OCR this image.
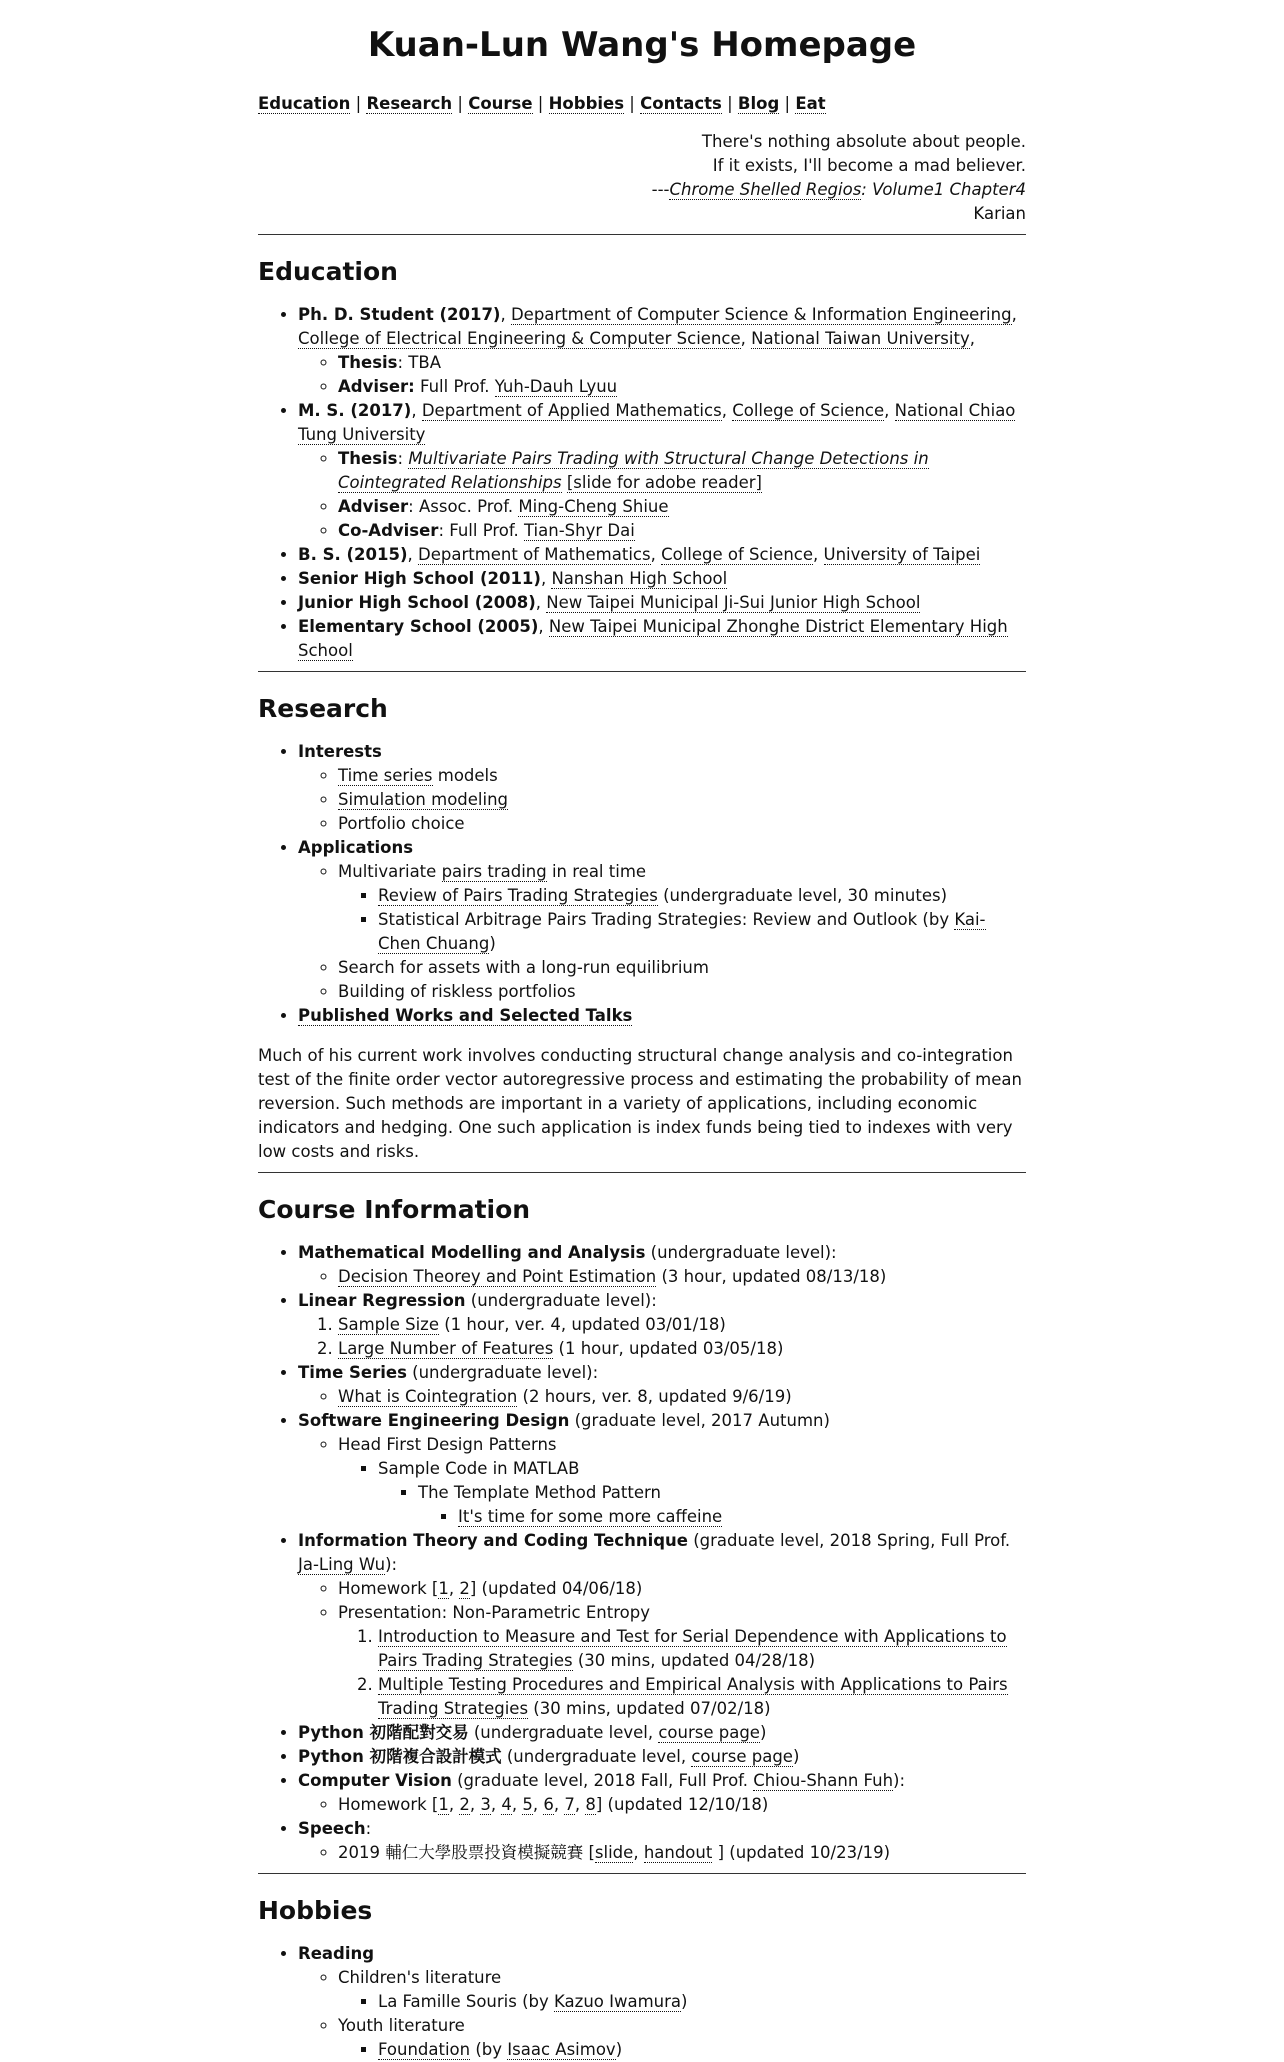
Kuan-Lun Wang's Homepage
Education | Research | Course | Hobbies | Contacts | Blog | Eat
There's nothing absolute about people.
If it exists, I'll become a mad believer.
---Chrome Shelled Regios: Volume1 Chapter4
Karian
Education
• Ph. D. Student (2017), Department of Computer Science & Information Engineering, College of Electrical Engineering & Computer Science, National Taiwan University,
◦ Thesis: TBA
◦ Adviser: Full Prof. Yuh-Dauh Lyuu
• M. S. (2017), Department of Applied Mathematics, College of Science, National Chiao Tung University
◦ Thesis: Multivariate Pairs Trading with Structural Change Detections in Cointegrated Relationships [slide for adobe reader]
◦ Adviser: Assoc. Prof. Ming-Cheng Shiue
◦ Co-Adviser: Full Prof. Tian-Shyr Dai
• B. S. (2015), Department of Mathematics, College of Science, University of Taipei
• Senior High School (2011), Nanshan High School
• Junior High School (2008), New Taipei Municipal Ji-Sui Junior High School
• Elementary School (2005), New Taipei Municipal Zhonghe District Elementary High School
Research
• Interests
◦ Time series models
◦ Simulation modeling
◦ Portfolio choice
• Applications
◦ Multivariate pairs trading in real time
▪ Review of Pairs Trading Strategies (undergraduate level, 30 minutes)
▪ Statistical Arbitrage Pairs Trading Strategies: Review and Outlook (by Kai-Chen Chuang)
◦ Search for assets with a long-run equilibrium
◦ Building of riskless portfolios
• Published Works and Selected Talks

Much of his current work involves conducting structural change analysis and co-integration test of the finite order vector autoregressive process and estimating the probability of mean reversion. Such methods are important in a variety of applications, including economic indicators and hedging. One such application is index funds being tied to indexes with very low costs and risks.

Course Information
• Mathematical Modelling and Analysis (undergraduate level):
◦ Decision Theorey and Point Estimation (3 hour, updated 08/13/18)
• Linear Regression (undergraduate level):
1. Sample Size (1 hour, ver. 4, updated 03/01/18)
2. Large Number of Features (1 hour, updated 03/05/18)
• Time Series (undergraduate level):
◦ What is Cointegration (2 hours, ver. 8, updated 9/6/19)
• Software Engineering Design (graduate level, 2017 Autumn)
◦ Head First Design Patterns
▪ Sample Code in MATLAB
▪ The Template Method Pattern
▪ It's time for some more caffeine
• Information Theory and Coding Technique (graduate level, 2018 Spring, Full Prof. Ja-Ling Wu):
◦ Homework [1, 2] (updated 04/06/18)
◦ Presentation: Non-Parametric Entropy
1. Introduction to Measure and Test for Serial Dependence with Applications to Pairs Trading Strategies (30 mins, updated 04/28/18)
2. Multiple Testing Procedures and Empirical Analysis with Applications to Pairs Trading Strategies (30 mins, updated 07/02/18)
• Python 初階配對交易 (undergraduate level, course page)
• Python 初階複合設計模式 (undergraduate level, course page)
• Computer Vision (graduate level, 2018 Fall, Full Prof. Chiou-Shann Fuh):
◦ Homework [1, 2, 3, 4, 5, 6, 7, 8] (updated 12/10/18)
• Speech:
◦ 2019 輔仁大學股票投資模擬競賽 [slide, handout ] (updated 10/23/19)
Hobbies
• Reading
◦ Children's literature
▪ La Famille Souris (by Kazuo Iwamura)
◦ Youth literature
▪ Foundation (by Isaac Asimov)
